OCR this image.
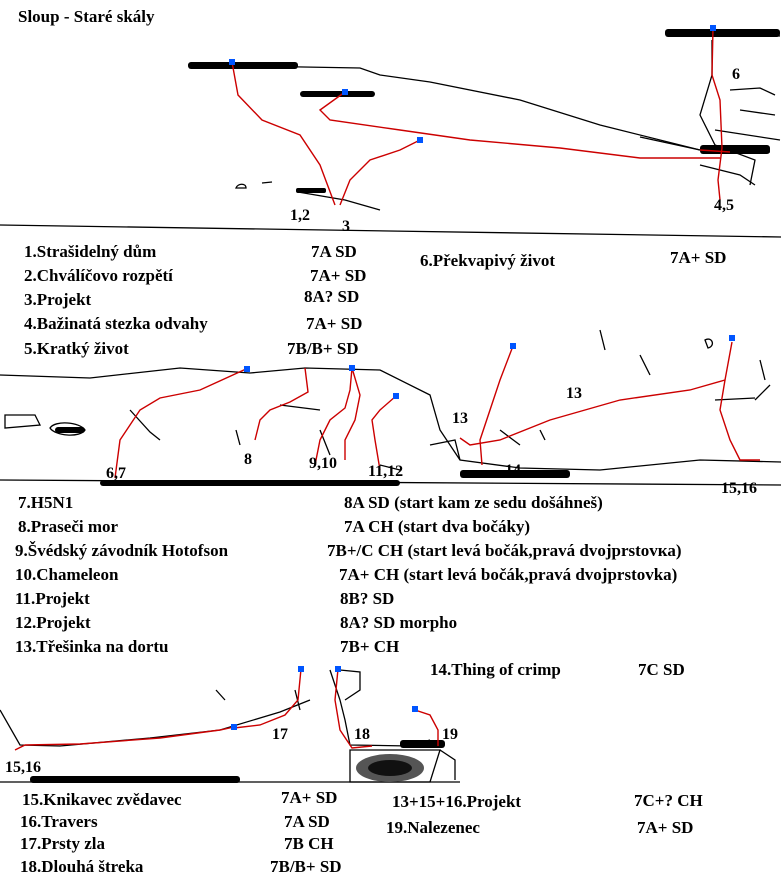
Sloup - Staré skály
1,2
3
4,5
6
1.Strašidelný dům	7A SD
2.Chválíčovo rozpětí	7A+ SD
3.Projekt	8A? SD
4.Bažinatá stezka odvahy	7A+ SD
5.Kratký život	7B/B+ SD
6.Překvapivý život	7A+ SD
6,7
8	9,10 11,12
13
13
14
15,16
7.H5N1	8A SD (start kam ze sedu došáhneš)
8.Praseči mor	7A CH (start dva bočáky)
9.Švédský závodník Hotofson	7B+/C CH (start levá bočák,pravá dvojprstovка)
10.Chameleon	7A+ CH (start levá bočák,pravá dvojprstovka)
11.Projekt	8B? SD
12.Projekt	8A? SD morpho
13.Třešinka na dortu	7B+ CH
14.Thing of crimp	7C SD
15,16
17	18	19
15.Knikavec zvědavec	7A+ SD
16.Travers	7A SD
17.Prsty zla	7B CH
18.Dlouhá štreka	7B/B+ SD
13+15+16.Projekt	7C+? CH
19.Nalezenec	7A+ SD
